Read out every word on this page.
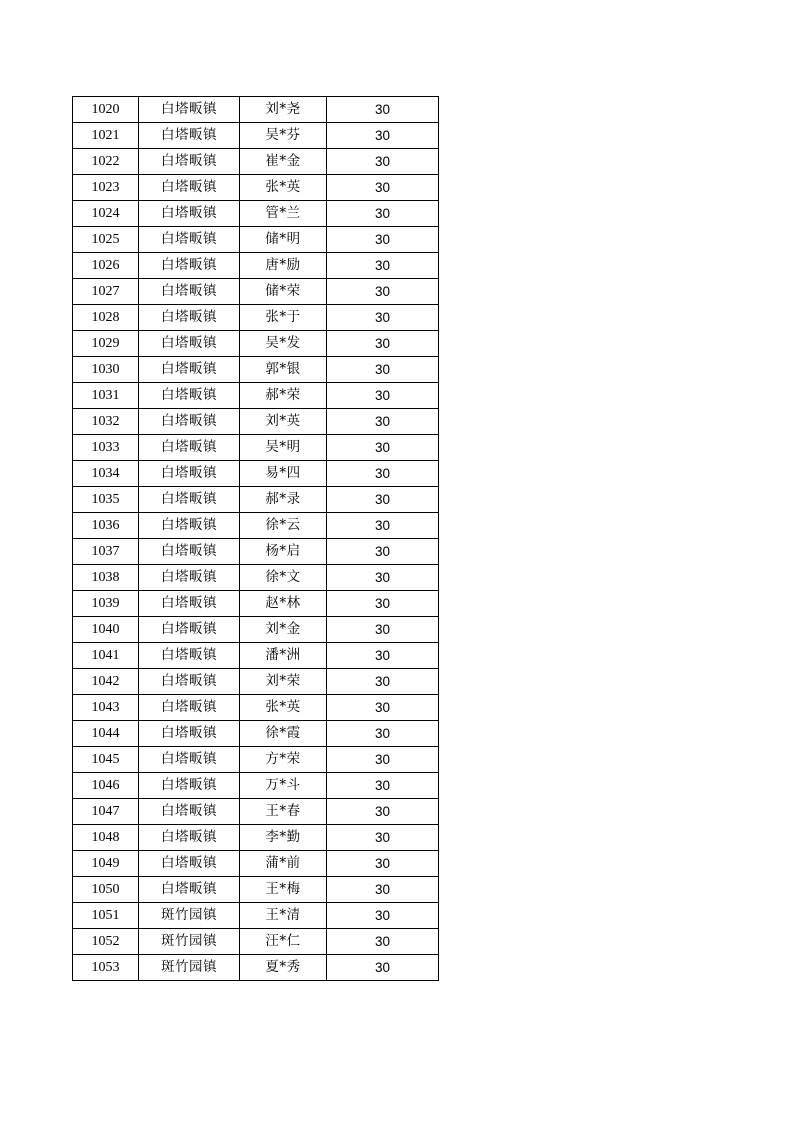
1020	白塔畈镇	刘*尧	30
1021	白塔畈镇	吴*芬	30
1022	白塔畈镇	崔*金	30
1023	白塔畈镇	张*英	30
1024	白塔畈镇	管*兰	30
1025	白塔畈镇	储*明	30
1026	白塔畈镇	唐*励	30
1027	白塔畈镇	储*荣	30
1028	白塔畈镇	张*于	30
1029	白塔畈镇	吴*发	30
1030	白塔畈镇	郭*银	30
1031	白塔畈镇	郝*荣	30
1032	白塔畈镇	刘*英	30
1033	白塔畈镇	吴*明	30
1034	白塔畈镇	易*四	30
1035	白塔畈镇	郝*录	30
1036	白塔畈镇	徐*云	30
1037	白塔畈镇	杨*启	30
1038	白塔畈镇	徐*文	30
1039	白塔畈镇	赵*林	30
1040	白塔畈镇	刘*金	30
1041	白塔畈镇	潘*洲	30
1042	白塔畈镇	刘*荣	30
1043	白塔畈镇	张*英	30
1044	白塔畈镇	徐*霞	30
1045	白塔畈镇	方*荣	30
1046	白塔畈镇	万*斗	30
1047	白塔畈镇	王*春	30
1048	白塔畈镇	李*勤	30
1049	白塔畈镇	蒲*前	30
1050	白塔畈镇	王*梅	30
1051	斑竹园镇	王*清	30
1052	斑竹园镇	汪*仁	30
1053	斑竹园镇	夏*秀	30
